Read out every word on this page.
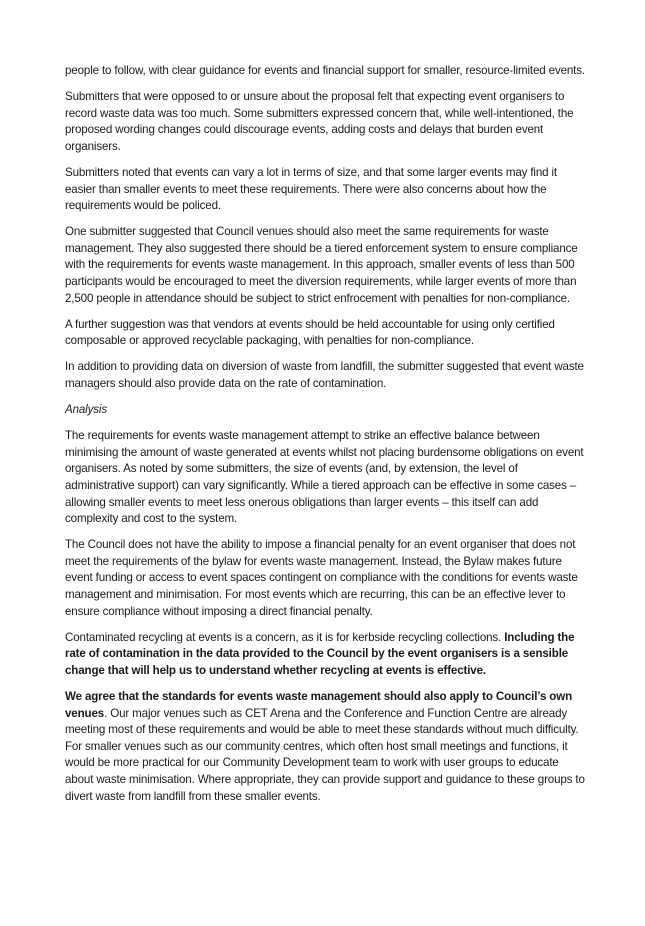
people to follow, with clear guidance for events and financial support for smaller, resource-limited events.

Submitters that were opposed to or unsure about the proposal felt that expecting event organisers to record waste data was too much. Some submitters expressed concern that, while well-intentioned, the proposed wording changes could discourage events, adding costs and delays that burden event organisers.

Submitters noted that events can vary a lot in terms of size, and that some larger events may find it easier than smaller events to meet these requirements. There were also concerns about how the requirements would be policed.

One submitter suggested that Council venues should also meet the same requirements for waste management. They also suggested there should be a tiered enforcement system to ensure compliance with the requirements for events waste management. In this approach, smaller events of less than 500 participants would be encouraged to meet the diversion requirements, while larger events of more than 2,500 people in attendance should be subject to strict enfrocement with penalties for non-compliance.

A further suggestion was that vendors at events should be held accountable for using only certified composable or approved recyclable packaging, with penalties for non-compliance.

In addition to providing data on diversion of waste from landfill, the submitter suggested that event waste managers should also provide data on the rate of contamination.

Analysis

The requirements for events waste management attempt to strike an effective balance between minimising the amount of waste generated at events whilst not placing burdensome obligations on event organisers. As noted by some submitters, the size of events (and, by extension, the level of administrative support) can vary significantly. While a tiered approach can be effective in some cases – allowing smaller events to meet less onerous obligations than larger events – this itself can add complexity and cost to the system.

The Council does not have the ability to impose a financial penalty for an event organiser that does not meet the requirements of the bylaw for events waste management. Instead, the Bylaw makes future event funding or access to event spaces contingent on compliance with the conditions for events waste management and minimisation. For most events which are recurring, this can be an effective lever to ensure compliance without imposing a direct financial penalty.

Contaminated recycling at events is a concern, as it is for kerbside recycling collections. Including the rate of contamination in the data provided to the Council by the event organisers is a sensible change that will help us to understand whether recycling at events is effective.

We agree that the standards for events waste management should also apply to Council’s own venues. Our major venues such as CET Arena and the Conference and Function Centre are already meeting most of these requirements and would be able to meet these standards without much difficulty. For smaller venues such as our community centres, which often host small meetings and functions, it would be more practical for our Community Development team to work with user groups to educate about waste minimisation. Where appropriate, they can provide support and guidance to these groups to divert waste from landfill from these smaller events.
